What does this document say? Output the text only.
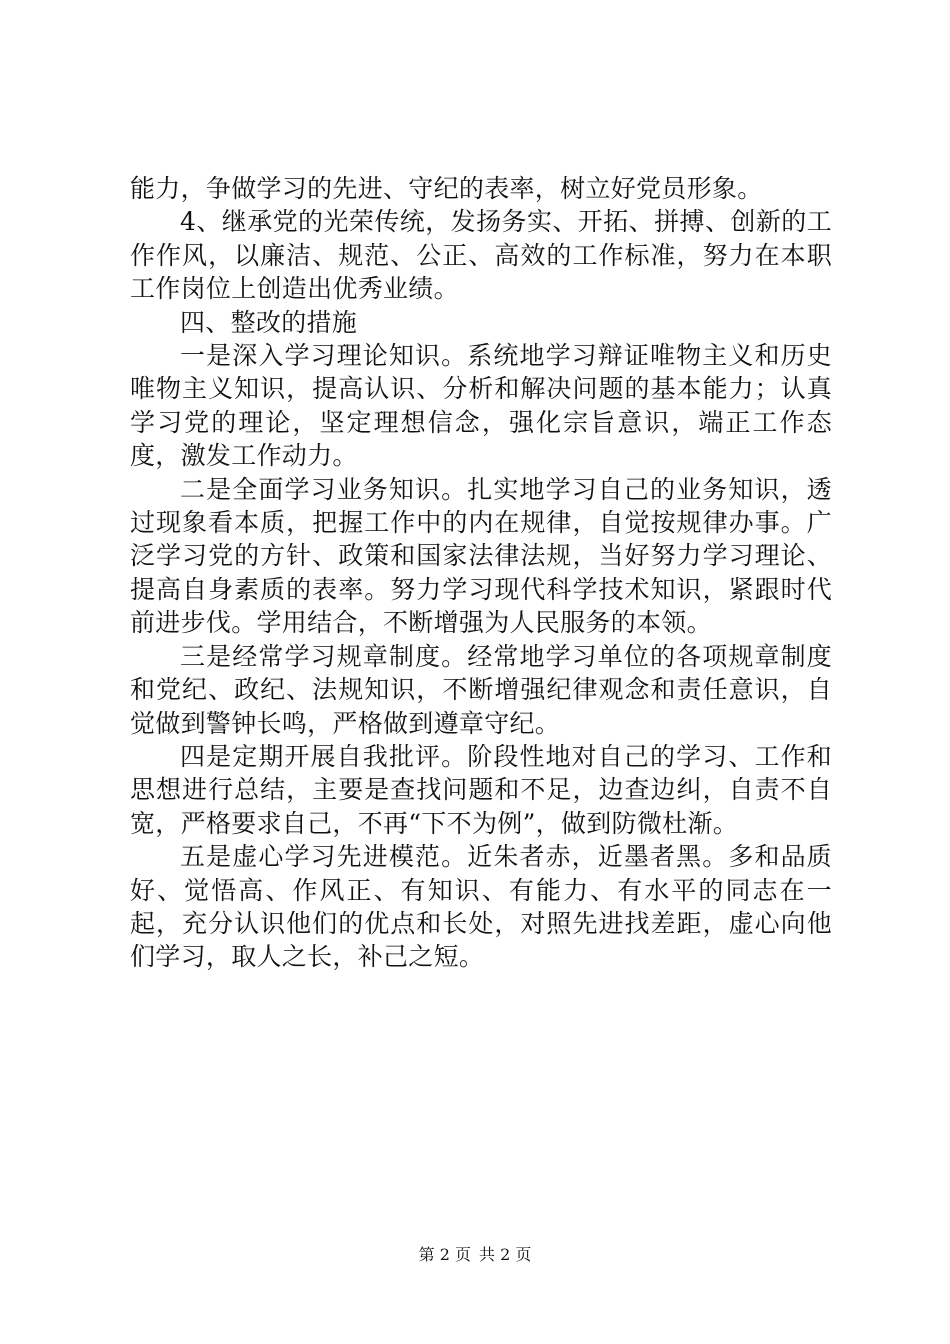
能力，争做学习的先进、守纪的表率，树立好党员形象。

4、继承党的光荣传统，发扬务实、开拓、拼搏、创新的工作作风，以廉洁、规范、公正、高效的工作标准，努力在本职工作岗位上创造出优秀业绩。

四、整改的措施

一是深入学习理论知识。系统地学习辩证唯物主义和历史唯物主义知识，提高认识、分析和解决问题的基本能力；认真学习党的理论，坚定理想信念，强化宗旨意识，端正工作态度，激发工作动力。

二是全面学习业务知识。扎实地学习自己的业务知识，透过现象看本质，把握工作中的内在规律，自觉按规律办事。广泛学习党的方针、政策和国家法律法规，当好努力学习理论、提高自身素质的表率。努力学习现代科学技术知识，紧跟时代前进步伐。学用结合，不断增强为人民服务的本领。

三是经常学习规章制度。经常地学习单位的各项规章制度和党纪、政纪、法规知识，不断增强纪律观念和责任意识，自觉做到警钟长鸣，严格做到遵章守纪。

四是定期开展自我批评。阶段性地对自己的学习、工作和思想进行总结，主要是查找问题和不足，边查边纠，自责不自宽，严格要求自己，不再“下不为例”，做到防微杜渐。

五是虚心学习先进模范。近朱者赤，近墨者黑。多和品质好、觉悟高、作风正、有知识、有能力、有水平的同志在一起，充分认识他们的优点和长处，对照先进找差距，虚心向他们学习，取人之长，补己之短。

第 2 页 共 2 页
